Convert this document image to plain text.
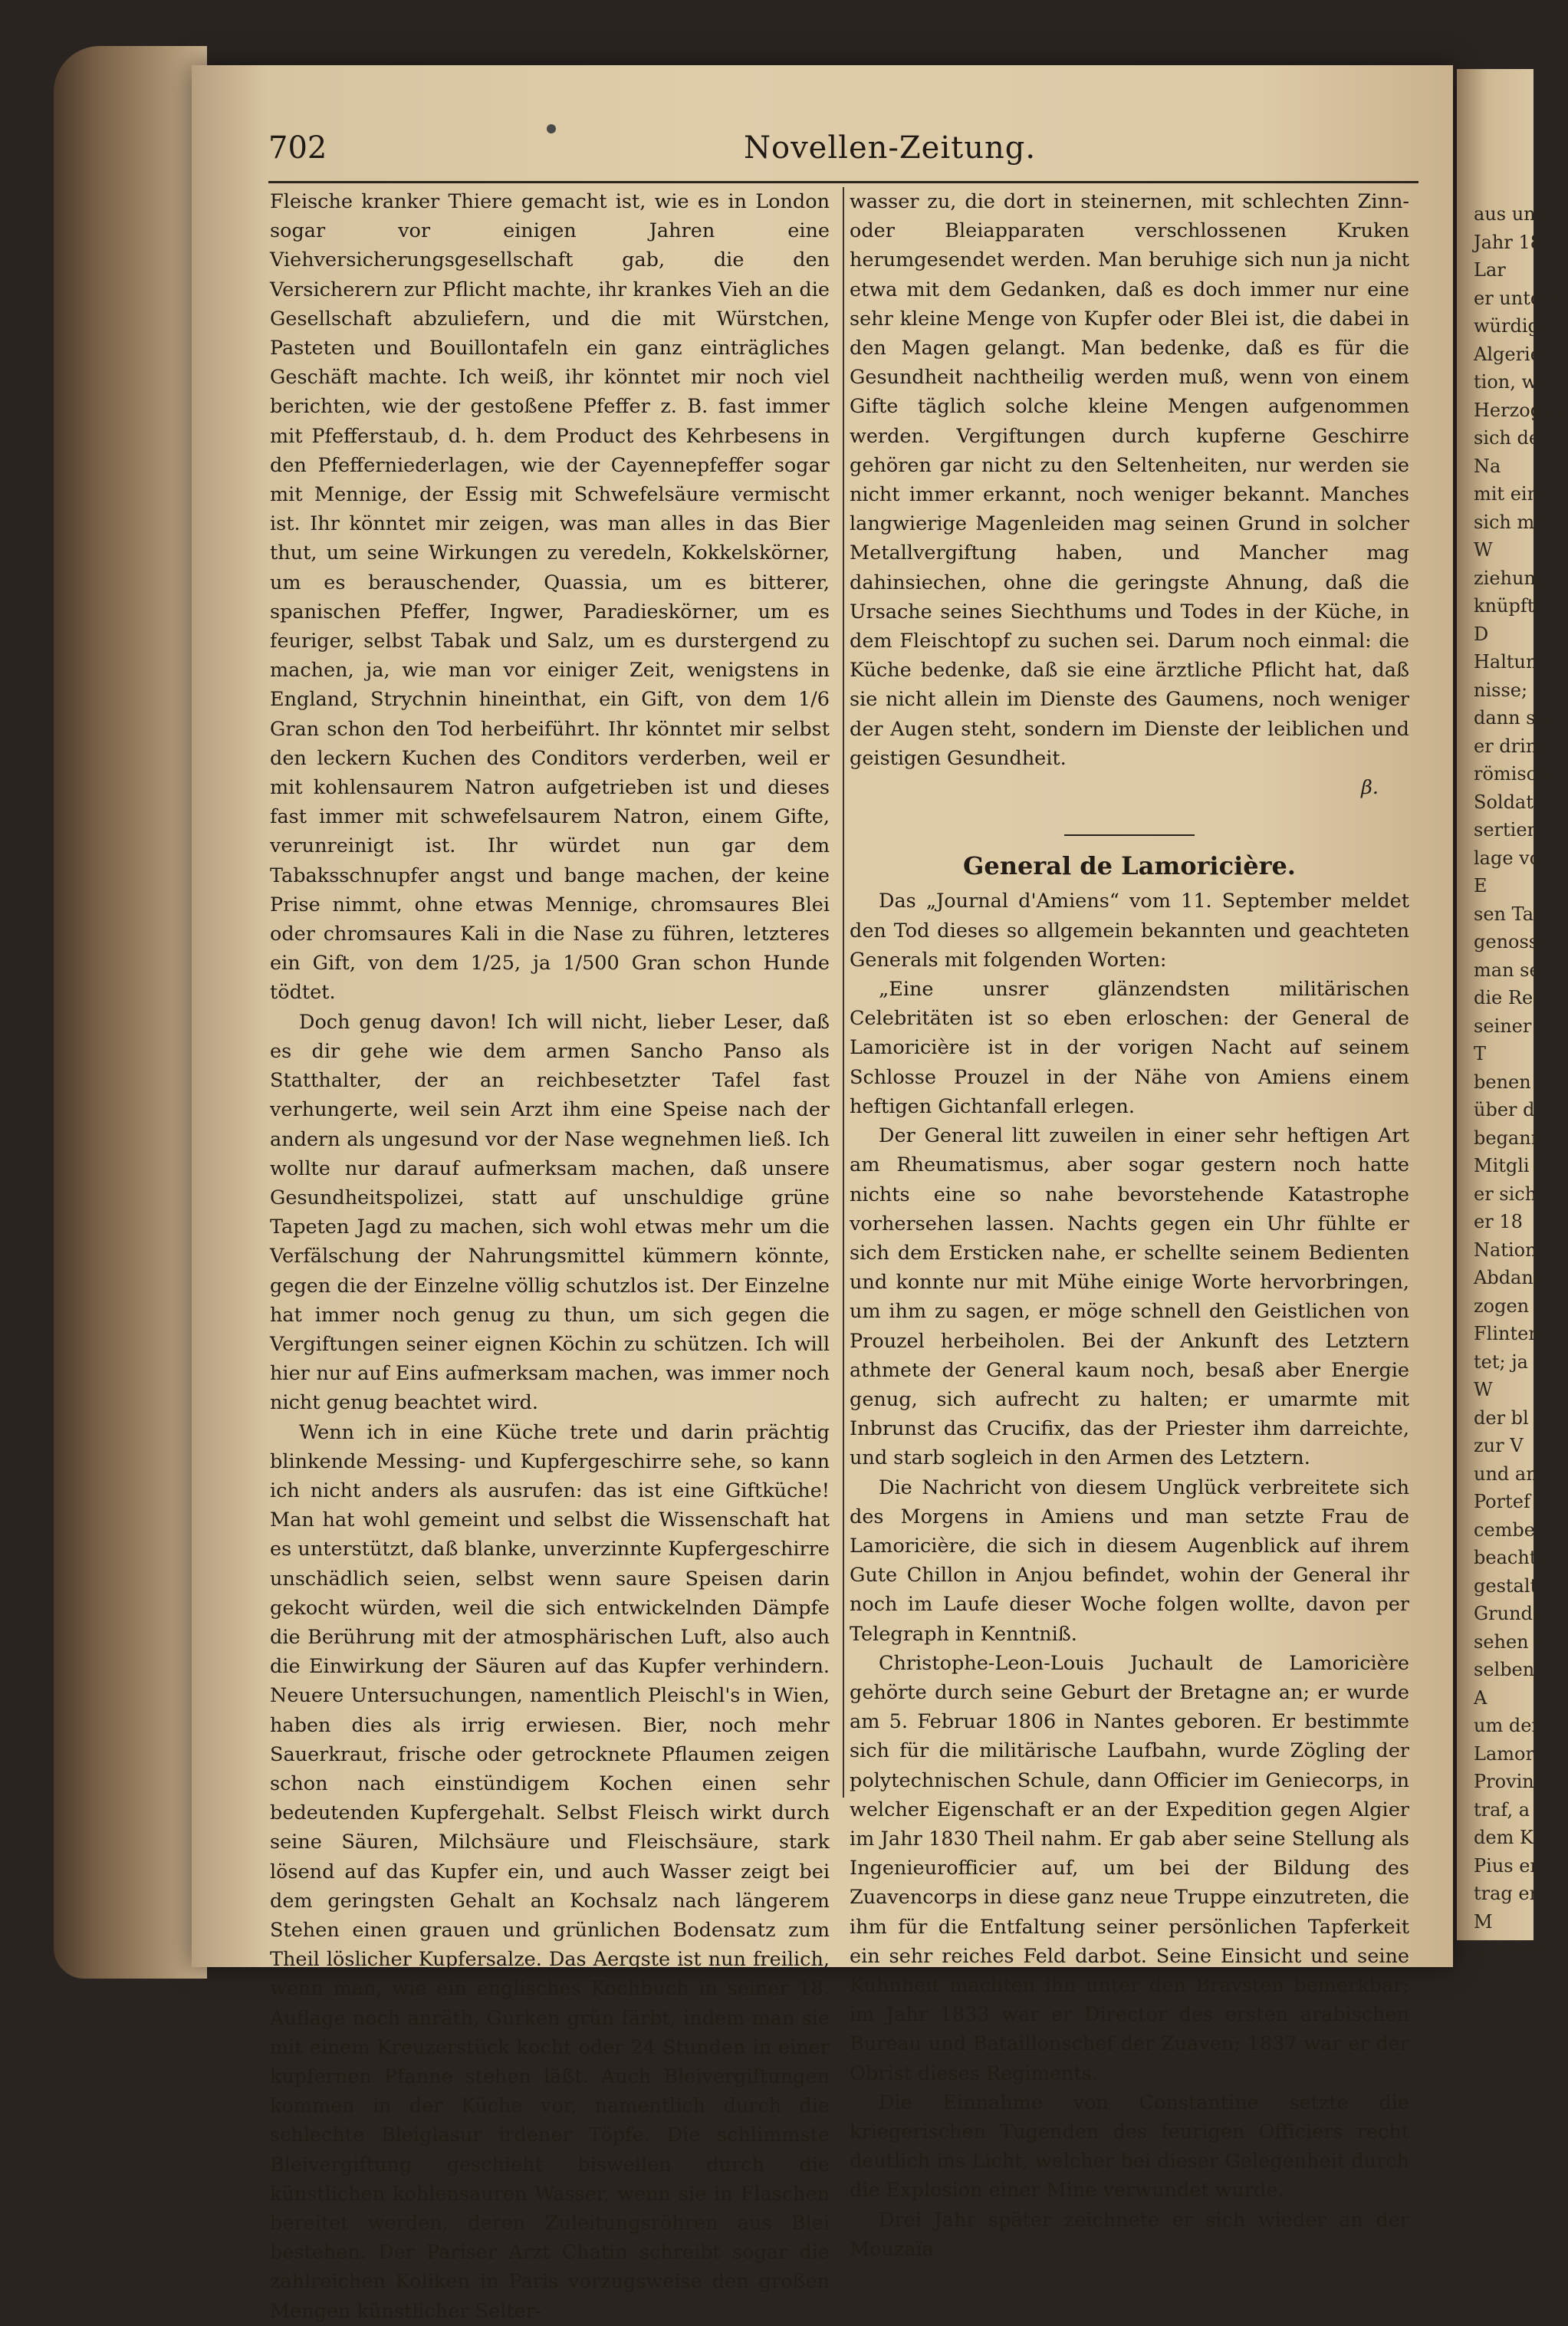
aus und
Jahr 18
Lar
er unters
würdigen
Algerien
tion, we
Herzogs v
sich dem
Na
mit eins
sich mit
W
ziehung
knüpft
D
Haltun
nisse;
dann sei
er dring
römische
Soldat
sertien
lage vo
E
sen Ta
genosse
man se
die Re
seiner
T
benen
über d
begann
Mitgli
er sich
er 18
Nation
Abdank
zogen v
Flinten
tet; ja
W
der bl
zur V
und an
Portef
cember
beachte
gestaltu
Grundz
sehen w
selben
A
um der
Lamori
Provinz
traf, a
dem K
Pius er
trag er
M
unbermal
702	Novellen-Zeitung.

Fleische kranker Thiere gemacht ist, wie es in London sogar vor einigen Jahren eine Viehversicherungsgesellschaft gab, die den Versicherern zur Pflicht machte, ihr krankes Vieh an die Gesellschaft abzuliefern, und die mit Würstchen, Pasteten und Bouillontafeln ein ganz einträgliches Geschäft machte. Ich weiß, ihr könntet mir noch viel berichten, wie der gestoßene Pfeffer z. B. fast immer mit Pfefferstaub, d. h. dem Product des Kehrbesens in den Pfefferniederlagen, wie der Cayennepfeffer sogar mit Mennige, der Essig mit Schwefelsäure vermischt ist. Ihr könntet mir zeigen, was man alles in das Bier thut, um seine Wirkungen zu veredeln, Kokkelskörner, um es berauschender, Quassia, um es bitterer, spanischen Pfeffer, Ingwer, Paradieskörner, um es feuriger, selbst Tabak und Salz, um es durstergend zu machen, ja, wie man vor einiger Zeit, wenigstens in England, Strychnin hineinthat, ein Gift, von dem 1/6 Gran schon den Tod herbeiführt. Ihr könntet mir selbst den leckern Kuchen des Conditors verderben, weil er mit kohlensaurem Natron aufgetrieben ist und dieses fast immer mit schwefelsaurem Natron, einem Gifte, verunreinigt ist. Ihr würdet nun gar dem Tabaksschnupfer angst und bange machen, der keine Prise nimmt, ohne etwas Mennige, chromsaures Blei oder chromsaures Kali in die Nase zu führen, letzteres ein Gift, von dem 1/25, ja 1/500 Gran schon Hunde tödtet.

Doch genug davon! Ich will nicht, lieber Leser, daß es dir gehe wie dem armen Sancho Panso als Statthalter, der an reichbesetzter Tafel fast verhungerte, weil sein Arzt ihm eine Speise nach der andern als ungesund vor der Nase wegnehmen ließ. Ich wollte nur darauf aufmerksam machen, daß unsere Gesundheitspolizei, statt auf unschuldige grüne Tapeten Jagd zu machen, sich wohl etwas mehr um die Verfälschung der Nahrungsmittel kümmern könnte, gegen die der Einzelne völlig schutzlos ist. Der Einzelne hat immer noch genug zu thun, um sich gegen die Vergiftungen seiner eignen Köchin zu schützen. Ich will hier nur auf Eins aufmerksam machen, was immer noch nicht genug beachtet wird.

Wenn ich in eine Küche trete und darin prächtig blinkende Messing- und Kupfergeschirre sehe, so kann ich nicht anders als ausrufen: das ist eine Giftküche! Man hat wohl gemeint und selbst die Wissenschaft hat es unterstützt, daß blanke, unverzinnte Kupfergeschirre unschädlich seien, selbst wenn saure Speisen darin gekocht würden, weil die sich entwickelnden Dämpfe die Berührung mit der atmosphärischen Luft, also auch die Einwirkung der Säuren auf das Kupfer verhindern. Neuere Untersuchungen, namentlich Pleischl's in Wien, haben dies als irrig erwiesen. Bier, noch mehr Sauerkraut, frische oder getrocknete Pflaumen zeigen schon nach einstündigem Kochen einen sehr bedeutenden Kupfergehalt. Selbst Fleisch wirkt durch seine Säuren, Milchsäure und Fleischsäure, stark lösend auf das Kupfer ein, und auch Wasser zeigt bei dem geringsten Gehalt an Kochsalz nach längerem Stehen einen grauen und grünlichen Bodensatz zum Theil löslicher Kupfersalze. Das Aergste ist nun freilich, wenn man, wie ein englisches Kochbuch in seiner 18. Auflage noch anräth, Gurken grün färbt, indem man sie mit einem Kreuzerstück kocht oder 24 Stunden in einer kupfernen Pfanne stehen läßt. Auch Bleivergiftungen kommen in der Küche vor, namentlich durch die schlechte Bleiglasur irdener Töpfe. Die schlimmste Bleivergiftung geschieht bisweilen durch die künstlichen kohlensauren Wasser, wenn sie in Flaschen bereitet werden, deren Zuleitungsröhren aus Blei bestehen. Der Pariser Arzt Chatin schreibt sogar die zahlreichen Koliken in Paris vorzugsweise den großen Mengen künstlicher Selter-

wasser zu, die dort in steinernen, mit schlechten Zinn- oder Bleiapparaten verschlossenen Kruken herumgesendet werden. Man beruhige sich nun ja nicht etwa mit dem Gedanken, daß es doch immer nur eine sehr kleine Menge von Kupfer oder Blei ist, die dabei in den Magen gelangt. Man bedenke, daß es für die Gesundheit nachtheilig werden muß, wenn von einem Gifte täglich solche kleine Mengen aufgenommen werden. Vergiftungen durch kupferne Geschirre gehören gar nicht zu den Seltenheiten, nur werden sie nicht immer erkannt, noch weniger bekannt. Manches langwierige Magenleiden mag seinen Grund in solcher Metallvergiftung haben, und Mancher mag dahinsiechen, ohne die geringste Ahnung, daß die Ursache seines Siechthums und Todes in der Küche, in dem Fleischtopf zu suchen sei. Darum noch einmal: die Küche bedenke, daß sie eine ärztliche Pflicht hat, daß sie nicht allein im Dienste des Gaumens, noch weniger der Augen steht, sondern im Dienste der leiblichen und geistigen Gesundheit.

β.

General de Lamoricière.

Das „Journal d'Amiens“ vom 11. September meldet den Tod dieses so allgemein bekannten und geachteten Generals mit folgenden Worten:

„Eine unsrer glänzendsten militärischen Celebritäten ist so eben erloschen: der General de Lamoricière ist in der vorigen Nacht auf seinem Schlosse Prouzel in der Nähe von Amiens einem heftigen Gichtanfall erlegen.

Der General litt zuweilen in einer sehr heftigen Art am Rheumatismus, aber sogar gestern noch hatte nichts eine so nahe bevorstehende Katastrophe vorhersehen lassen. Nachts gegen ein Uhr fühlte er sich dem Ersticken nahe, er schellte seinem Bedienten und konnte nur mit Mühe einige Worte hervorbringen, um ihm zu sagen, er möge schnell den Geistlichen von Prouzel herbeiholen. Bei der Ankunft des Letztern athmete der General kaum noch, besaß aber Energie genug, sich aufrecht zu halten; er umarmte mit Inbrunst das Crucifix, das der Priester ihm darreichte, und starb sogleich in den Armen des Letztern.

Die Nachricht von diesem Unglück verbreitete sich des Morgens in Amiens und man setzte Frau de Lamoricière, die sich in diesem Augenblick auf ihrem Gute Chillon in Anjou befindet, wohin der General ihr noch im Laufe dieser Woche folgen wollte, davon per Telegraph in Kenntniß.

Christophe-Leon-Louis Juchault de Lamoricière gehörte durch seine Geburt der Bretagne an; er wurde am 5. Februar 1806 in Nantes geboren. Er bestimmte sich für die militärische Laufbahn, wurde Zögling der polytechnischen Schule, dann Officier im Geniecorps, in welcher Eigenschaft er an der Expedition gegen Algier im Jahr 1830 Theil nahm. Er gab aber seine Stellung als Ingenieurofficier auf, um bei der Bildung des Zuavencorps in diese ganz neue Truppe einzutreten, die ihm für die Entfaltung seiner persönlichen Tapferkeit ein sehr reiches Feld darbot. Seine Einsicht und seine Kühnheit machten ihn unter den Bravsten bemerkbar; im Jahr 1833 war er Director des ersten arabischen Bureau und Bataillonschef der Zuaven; 1837 war er der Obrist dieses Regiments.

Die Einnahme von Constantine setzte die kriegerischen Tugenden des feurigen Officiers recht deutlich ins Licht, welcher bei dieser Gelegenheit durch die Explosion einer Mine verwundet wurde.

Drei Jahr später zeichnete er sich wieder an der Mouzaïa
